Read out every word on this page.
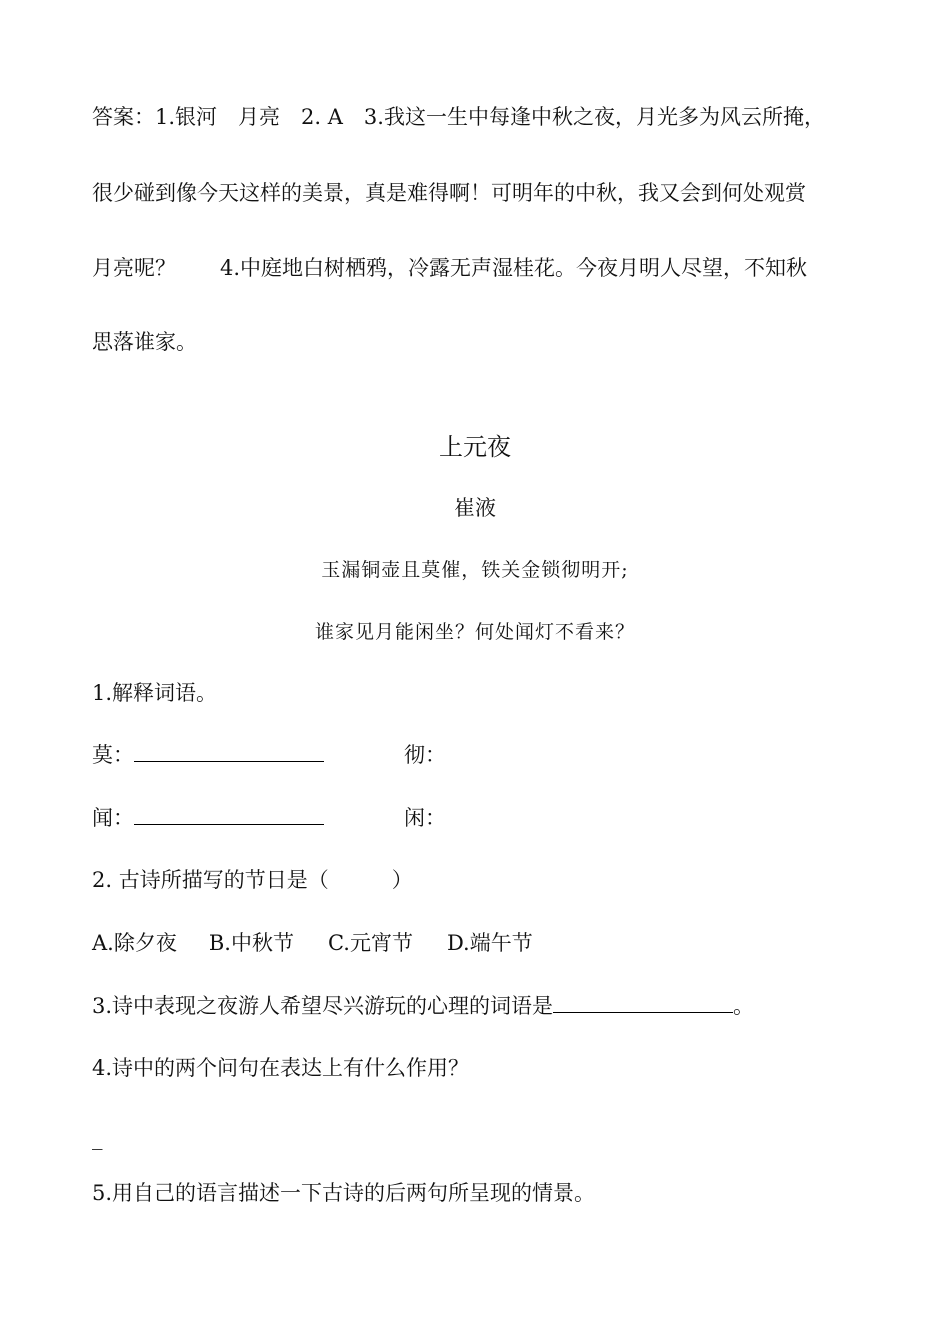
答案：1.银河　月亮　2. A　3.我这一生中每逢中秋之夜，月光多为风云所掩，
很少碰到像今天这样的美景，真是难得啊！可明年的中秋，我又会到何处观赏
月亮呢？ 4.中庭地白树栖鸦，冷露无声湿桂花。今夜月明人尽望，不知秋
思落谁家。
上元夜
崔液
玉漏铜壶且莫催，铁关金锁彻明开;
谁家见月能闲坐？何处闻灯不看来？
1.解释词语。
莫：	彻：
闻：	闲：
2. 古诗所描写的节日是（　　　）
A.除夕夜 B.中秋节 C.元宵节 D.端午节
3.诗中表现之夜游人希望尽兴游玩的心理的词语是	。
4.诗中的两个问句在表达上有什么作用？
_
5.用自己的语言描述一下古诗的后两句所呈现的情景。
